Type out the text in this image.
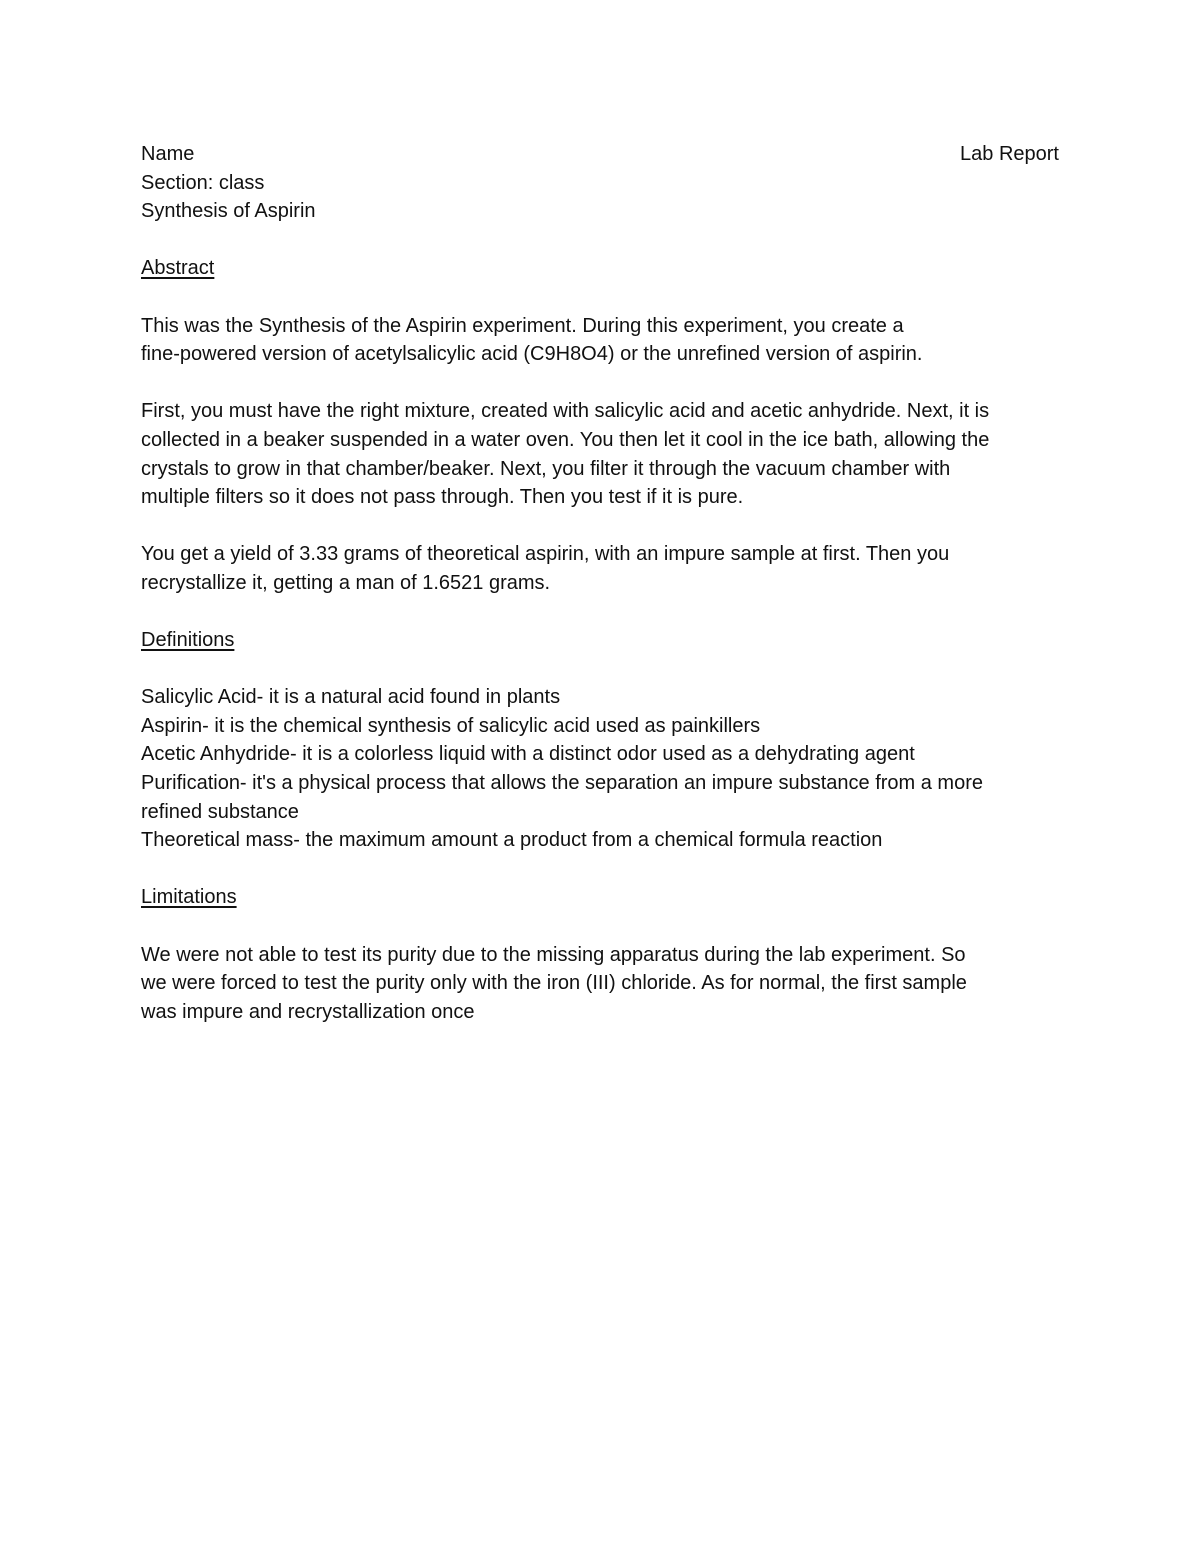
Name	Lab Report
Section: class
Synthesis of Aspirin
Abstract
This was the Synthesis of the Aspirin experiment. During this experiment, you create a
fine-powered version of acetylsalicylic acid (C9H8O4) or the unrefined version of aspirin.
First, you must have the right mixture, created with salicylic acid and acetic anhydride. Next, it is
collected in a beaker suspended in a water oven. You then let it cool in the ice bath, allowing the
crystals to grow in that chamber/beaker. Next, you filter it through the vacuum chamber with
multiple filters so it does not pass through. Then you test if it is pure.
You get a yield of 3.33 grams of theoretical aspirin, with an impure sample at first. Then you
recrystallize it, getting a man of 1.6521 grams.
Definitions
Salicylic Acid- it is a natural acid found in plants
Aspirin- it is the chemical synthesis of salicylic acid used as painkillers
Acetic Anhydride- it is a colorless liquid with a distinct odor used as a dehydrating agent
Purification- it's a physical process that allows the separation an impure substance from a more
refined substance
Theoretical mass- the maximum amount a product from a chemical formula reaction
Limitations
We were not able to test its purity due to the missing apparatus during the lab experiment. So
we were forced to test the purity only with the iron (III) chloride. As for normal, the first sample
was impure and recrystallization once
